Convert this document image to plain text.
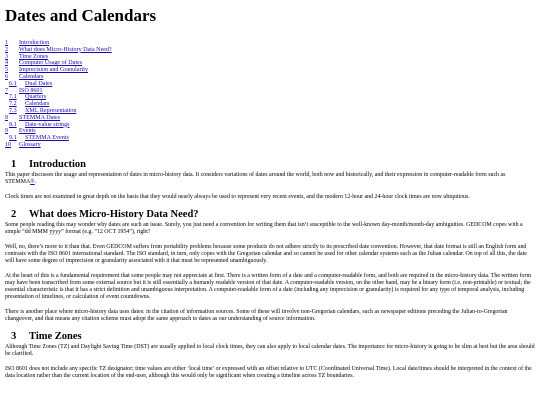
Dates and Calendars
1 Introduction
2 What does Micro-History Data Need?
3 Time Zones
4 Computer Usage of Dates
5 Imprecision and Granularity
6 Calendars
6.1 Dual Dates
7 ISO 8601
7.1 Quarters
7.2 Calendars
7.3 XML Representation
8 STEMMA Dates
8.1 Date-value strings
9 Events
9.1 STEMMA Events
10 Glossary
1 Introduction

This paper discusses the usage and representation of dates in micro-history data. It considers variations of dates around the world, both now and historically, and their expression in computer-readable form such as STEMMA®.

Clock times are not examined in great depth on the basis that they would nearly always be used to represent very recent events, and the modern 12-hour and 24-hour clock times are now ubiquitous.

2 What does Micro-History Data Need?

Some people reading this may wonder why dates are such an issue. Surely, you just need a convention for writing them that isn’t susceptible to the well-known day-month/month-day ambiguities. GEDCOM copes with a simple “dd MMM yyyy” format (e.g. “12 OCT 1954”), right?

Well, no, there’s more to it than that. Even GEDCOM suffers from portability problems because some products do not adhere strictly to its prescribed date convention. However, that date format is still an English form and contrasts with the ISO 8601 international standard. The ISO standard, in turn, only copes with the Gregorian calendar and so cannot be used for other calendar systems such as the Julian calendar. On top of all this, the date will have some degree of imprecision or granularity associated with it that must be represented unambiguously.

At the heart of this is a fundamental requirement that some people may not appreciate at first. There is a written form of a date and a computer-readable form, and both are required in the micro-history data. The written form may have been transcribed from some external source but it is still essentially a humanly readable version of that date. A computer-readable version, on the other hand, may be a binary form (i.e. non-printable) or textual; the essential characteristic is that it has a strict definition and unambiguous interpretation. A computer-readable form of a date (including any imprecision or granularity) is required for any type of temporal analysis, including presentation of timelines, or calculation of event countdowns.

There is another place where micro-history data uses dates: in the citation of information sources. Some of these will involve non-Gregorian calendars, such as newspaper editions preceding the Julian-to-Gregorian changeover, and that means any citation scheme must adopt the same approach to dates as our understanding of source information.

3 Time Zones

Although Time Zones (TZ) and Daylight Saving Time (DST) are usually applied to local clock times, they can also apply to local calendar dates. The importance for micro-history is going to be slim at best but the area should be clarified.

ISO 8601 does not include any specific TZ designator; time values are either ‘local time’ or expressed with an offset relative to UTC (Coordinated Universal Time). Local date/times should be interpreted in the context of the data location rather than the current location of the end-user, although this would only be significant when creating a timeline across TZ boundaries.
